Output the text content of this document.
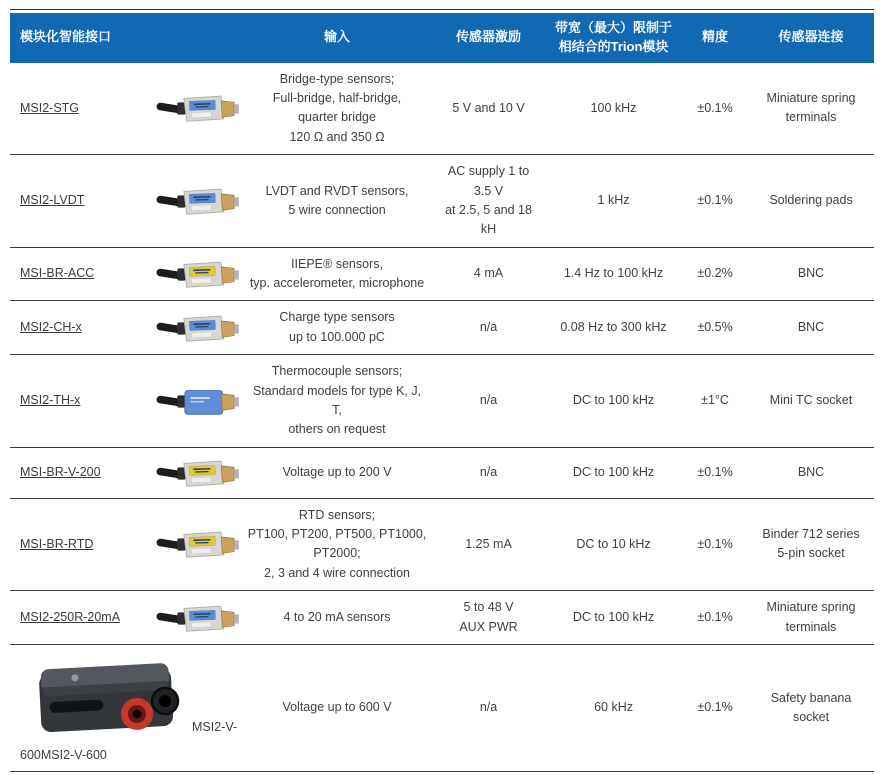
模块化智能接口		输入	传感器激励	带宽（最大）限制于相结合的Trion模块	精度	传感器连接
MSI2-STG		Bridge-type sensors;
Full-bridge, half-bridge,
quarter bridge
120 Ω and 350 Ω	5 V and 10 V	100 kHz	±0.1%	Miniature spring
terminals
MSI2-LVDT		LVDT and RVDT sensors,
5 wire connection	AC supply 1 to
3.5 V
at 2.5, 5 and 18
kH	1 kHz	±0.1%	Soldering pads
MSI-BR-ACC		IIEPE® sensors,
typ. accelerometer, microphone	4 mA	1.4 Hz to 100 kHz	±0.2%	BNC
MSI2-CH-x		Charge type sensors
up to 100.000 pC	n/a	0.08 Hz to 300 kHz	±0.5%	BNC
MSI2-TH-x		Thermocouple sensors;
Standard models for type K, J,
T,
others on request	n/a	DC to 100 kHz	±1°C	Mini TC socket
MSI-BR-V-200		Voltage up to 200 V	n/a	DC to 100 kHz	±0.1%	BNC
MSI-BR-RTD		RTD sensors;
PT100, PT200, PT500, PT1000,
PT2000;
2, 3 and 4 wire connection	1.25 mA	DC to 10 kHz	±0.1%	Binder 712 series
5-pin socket
MSI2-250R-20mA		4 to 20 mA sensors	5 to 48 V
AUX PWR	DC to 100 kHz	±0.1%	Miniature spring
terminals
MSI2-V-
600MSI2-V-600		Voltage up to 600 V	n/a	60 kHz	±0.1%	Safety banana socket
